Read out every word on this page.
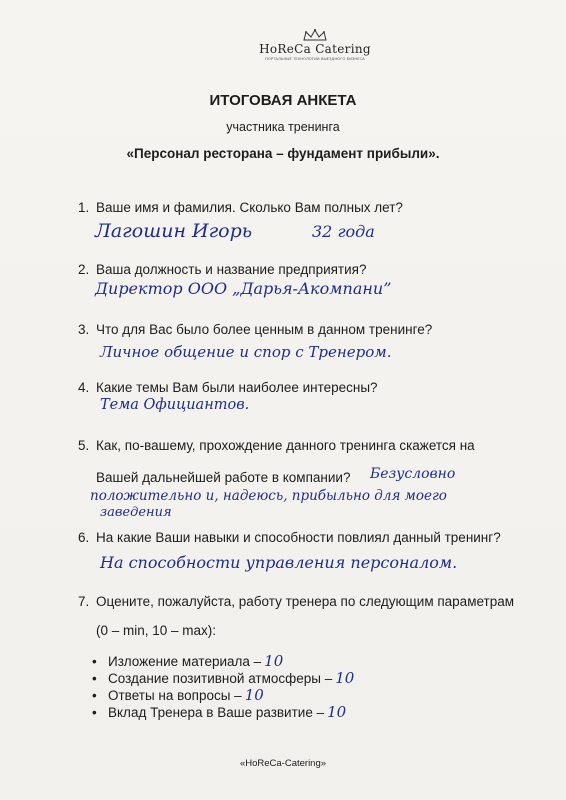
HoReCa Catering
ПОРТАЛЬНЫЕ ТЕХНОЛОГИИ ВЫЕЗДНОГО БИЗНЕСА
ИТОГОВАЯ АНКЕТА
участника тренинга
«Персонал ресторана – фундамент прибыли».
1. Ваше имя и фамилия. Сколько Вам полных лет?
Лагошин Игорь	32 года
2. Ваша должность и название предприятия?
Директор ООО „Дарья-Акомпани”
3. Что для Вас было более ценным в данном тренинге?
Личное общение и спор с Тренером.
4. Какие темы Вам были наиболее интересны?
Тема Официантов.
5. Как, по-вашему, прохождение данного тренинга скажется на
Вашей дальнейшей работе в компании?	Безусловно
положительно и, надеюсь, прибыльно для моего
заведения
6. На какие Ваши навыки и способности повлиял данный тренинг?
На способности управления персоналом.
7. Оцените, пожалуйста, работу тренера по следующим параметрам
(0 – min, 10 – max):
• Изложение материала – 10
• Создание позитивной атмосферы – 10
• Ответы на вопросы – 10
• Вклад Тренера в Ваше развитие – 10
«HoReCa-Catering»
